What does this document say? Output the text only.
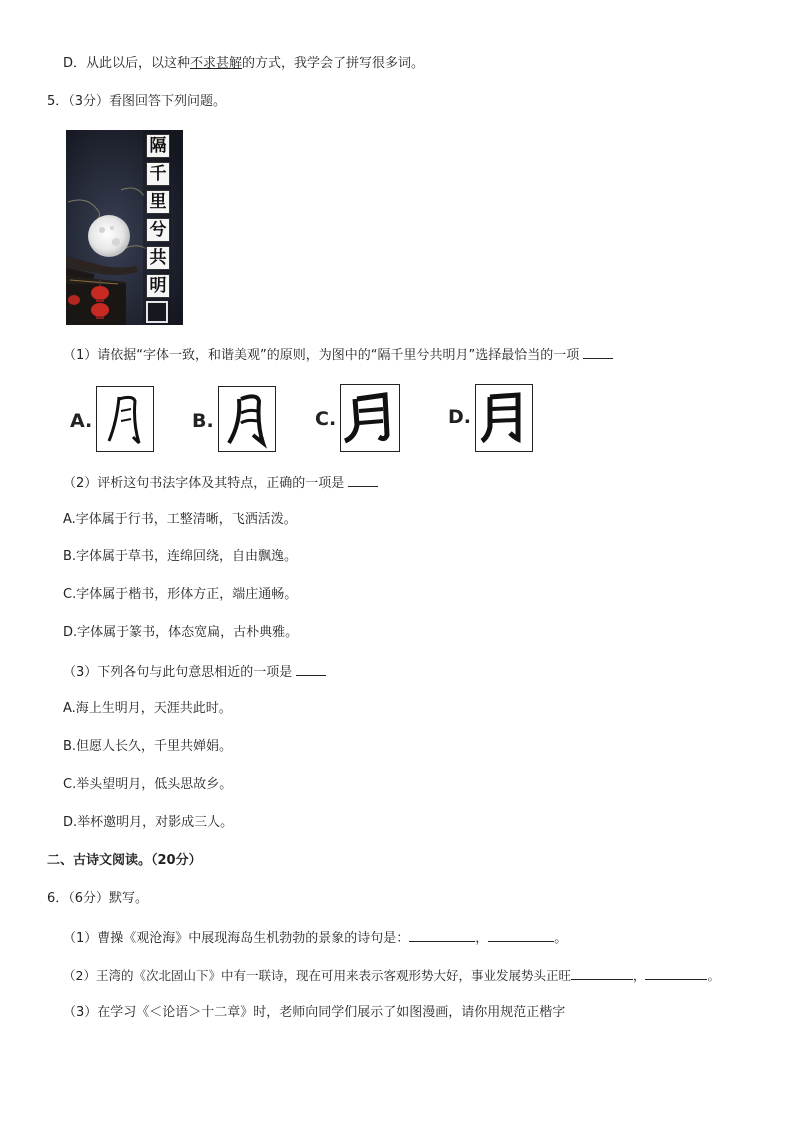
D．从此以后，以这种不求甚解的方式，我学会了拼写很多词。
5．（3分）看图回答下列问题。
隔
千
里
兮
共
明
（1）请依据“字体一致，和谐美观”的原则，为图中的“隔千里兮共明月”选择最恰当的一项
A.	B.	C.	D.
（2）评析这句书法字体及其特点，正确的一项是
A.字体属于行书，工整清晰，飞洒活泼。
B.字体属于草书，连绵回绕，自由飘逸。
C.字体属于楷书，形体方正，端庄通畅。
D.字体属于篆书，体态宽扁，古朴典雅。
（3）下列各句与此句意思相近的一项是
A.海上生明月，天涯共此时。
B.但愿人长久，千里共婵娟。
C.举头望明月，低头思故乡。
D.举杯邀明月，对影成三人。
二、古诗文阅读。（20分）
6．（6分）默写。
（1）曹操《观沧海》中展现海岛生机勃勃的景象的诗句是：	，	。
（2）王湾的《次北固山下》中有一联诗，现在可用来表示客观形势大好，事业发展势头正旺	，	。
（3）在学习《＜论语＞十二章》时，老师向同学们展示了如图漫画，请你用规范正楷字
